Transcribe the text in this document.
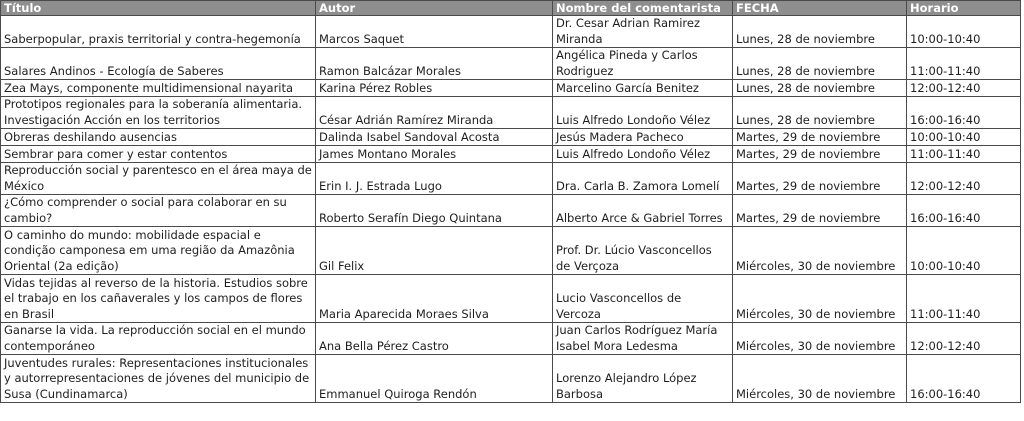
Título	Autor	Nombre del comentarista	FECHA	Horario
Saberpopular, praxis territorial y contra-hegemonía	Marcos Saquet	Dr. Cesar Adrian Ramirez Miranda	Lunes, 28 de noviembre	10:00-10:40
Salares Andinos - Ecología de Saberes	Ramon Balcázar Morales	Angélica Pineda y Carlos Rodriguez	Lunes, 28 de noviembre	11:00-11:40
Zea Mays, componente multidimensional nayarita	Karina Pérez Robles	Marcelino García Benitez	Lunes, 28 de noviembre	12:00-12:40
Prototipos regionales para la soberanía alimentaria. Investigación Acción en los territorios	César Adrián Ramírez Miranda	Luis Alfredo Londoño Vélez	Lunes, 28 de noviembre	16:00-16:40
Obreras deshilando ausencias	Dalinda Isabel Sandoval Acosta	Jesús Madera Pacheco	Martes, 29 de noviembre	10:00-10:40
Sembrar para comer y estar contentos	James Montano Morales	Luis Alfredo Londoño Vélez	Martes, 29 de noviembre	11:00-11:40
Reproducción social y parentesco en el área maya de México	Erin I. J. Estrada Lugo	Dra. Carla B. Zamora Lomelí	Martes, 29 de noviembre	12:00-12:40
¿Cómo comprender o social para colaborar en su cambio?	Roberto Serafín Diego Quintana	Alberto Arce & Gabriel Torres	Martes, 29 de noviembre	16:00-16:40
O caminho do mundo: mobilidade espacial e condição camponesa em uma região da Amazônia Oriental (2a edição)	Gil Felix	Prof. Dr. Lúcio Vasconcellos de Verçoza	Miércoles, 30 de noviembre	10:00-10:40
Vidas tejidas al reverso de la historia. Estudios sobre el trabajo en los cañaverales y los campos de flores en Brasil	Maria Aparecida Moraes Silva	Lucio Vasconcellos de Vercoza	Miércoles, 30 de noviembre	11:00-11:40
Ganarse la vida. La reproducción social en el mundo contemporáneo	Ana Bella Pérez Castro	Juan Carlos Rodríguez María Isabel Mora Ledesma	Miércoles, 30 de noviembre	12:00-12:40
Juventudes rurales: Representaciones institucionales y autorrepresentaciones de jóvenes del municipio de Susa (Cundinamarca)	Emmanuel Quiroga Rendón	Lorenzo Alejandro López Barbosa	Miércoles, 30 de noviembre	16:00-16:40
